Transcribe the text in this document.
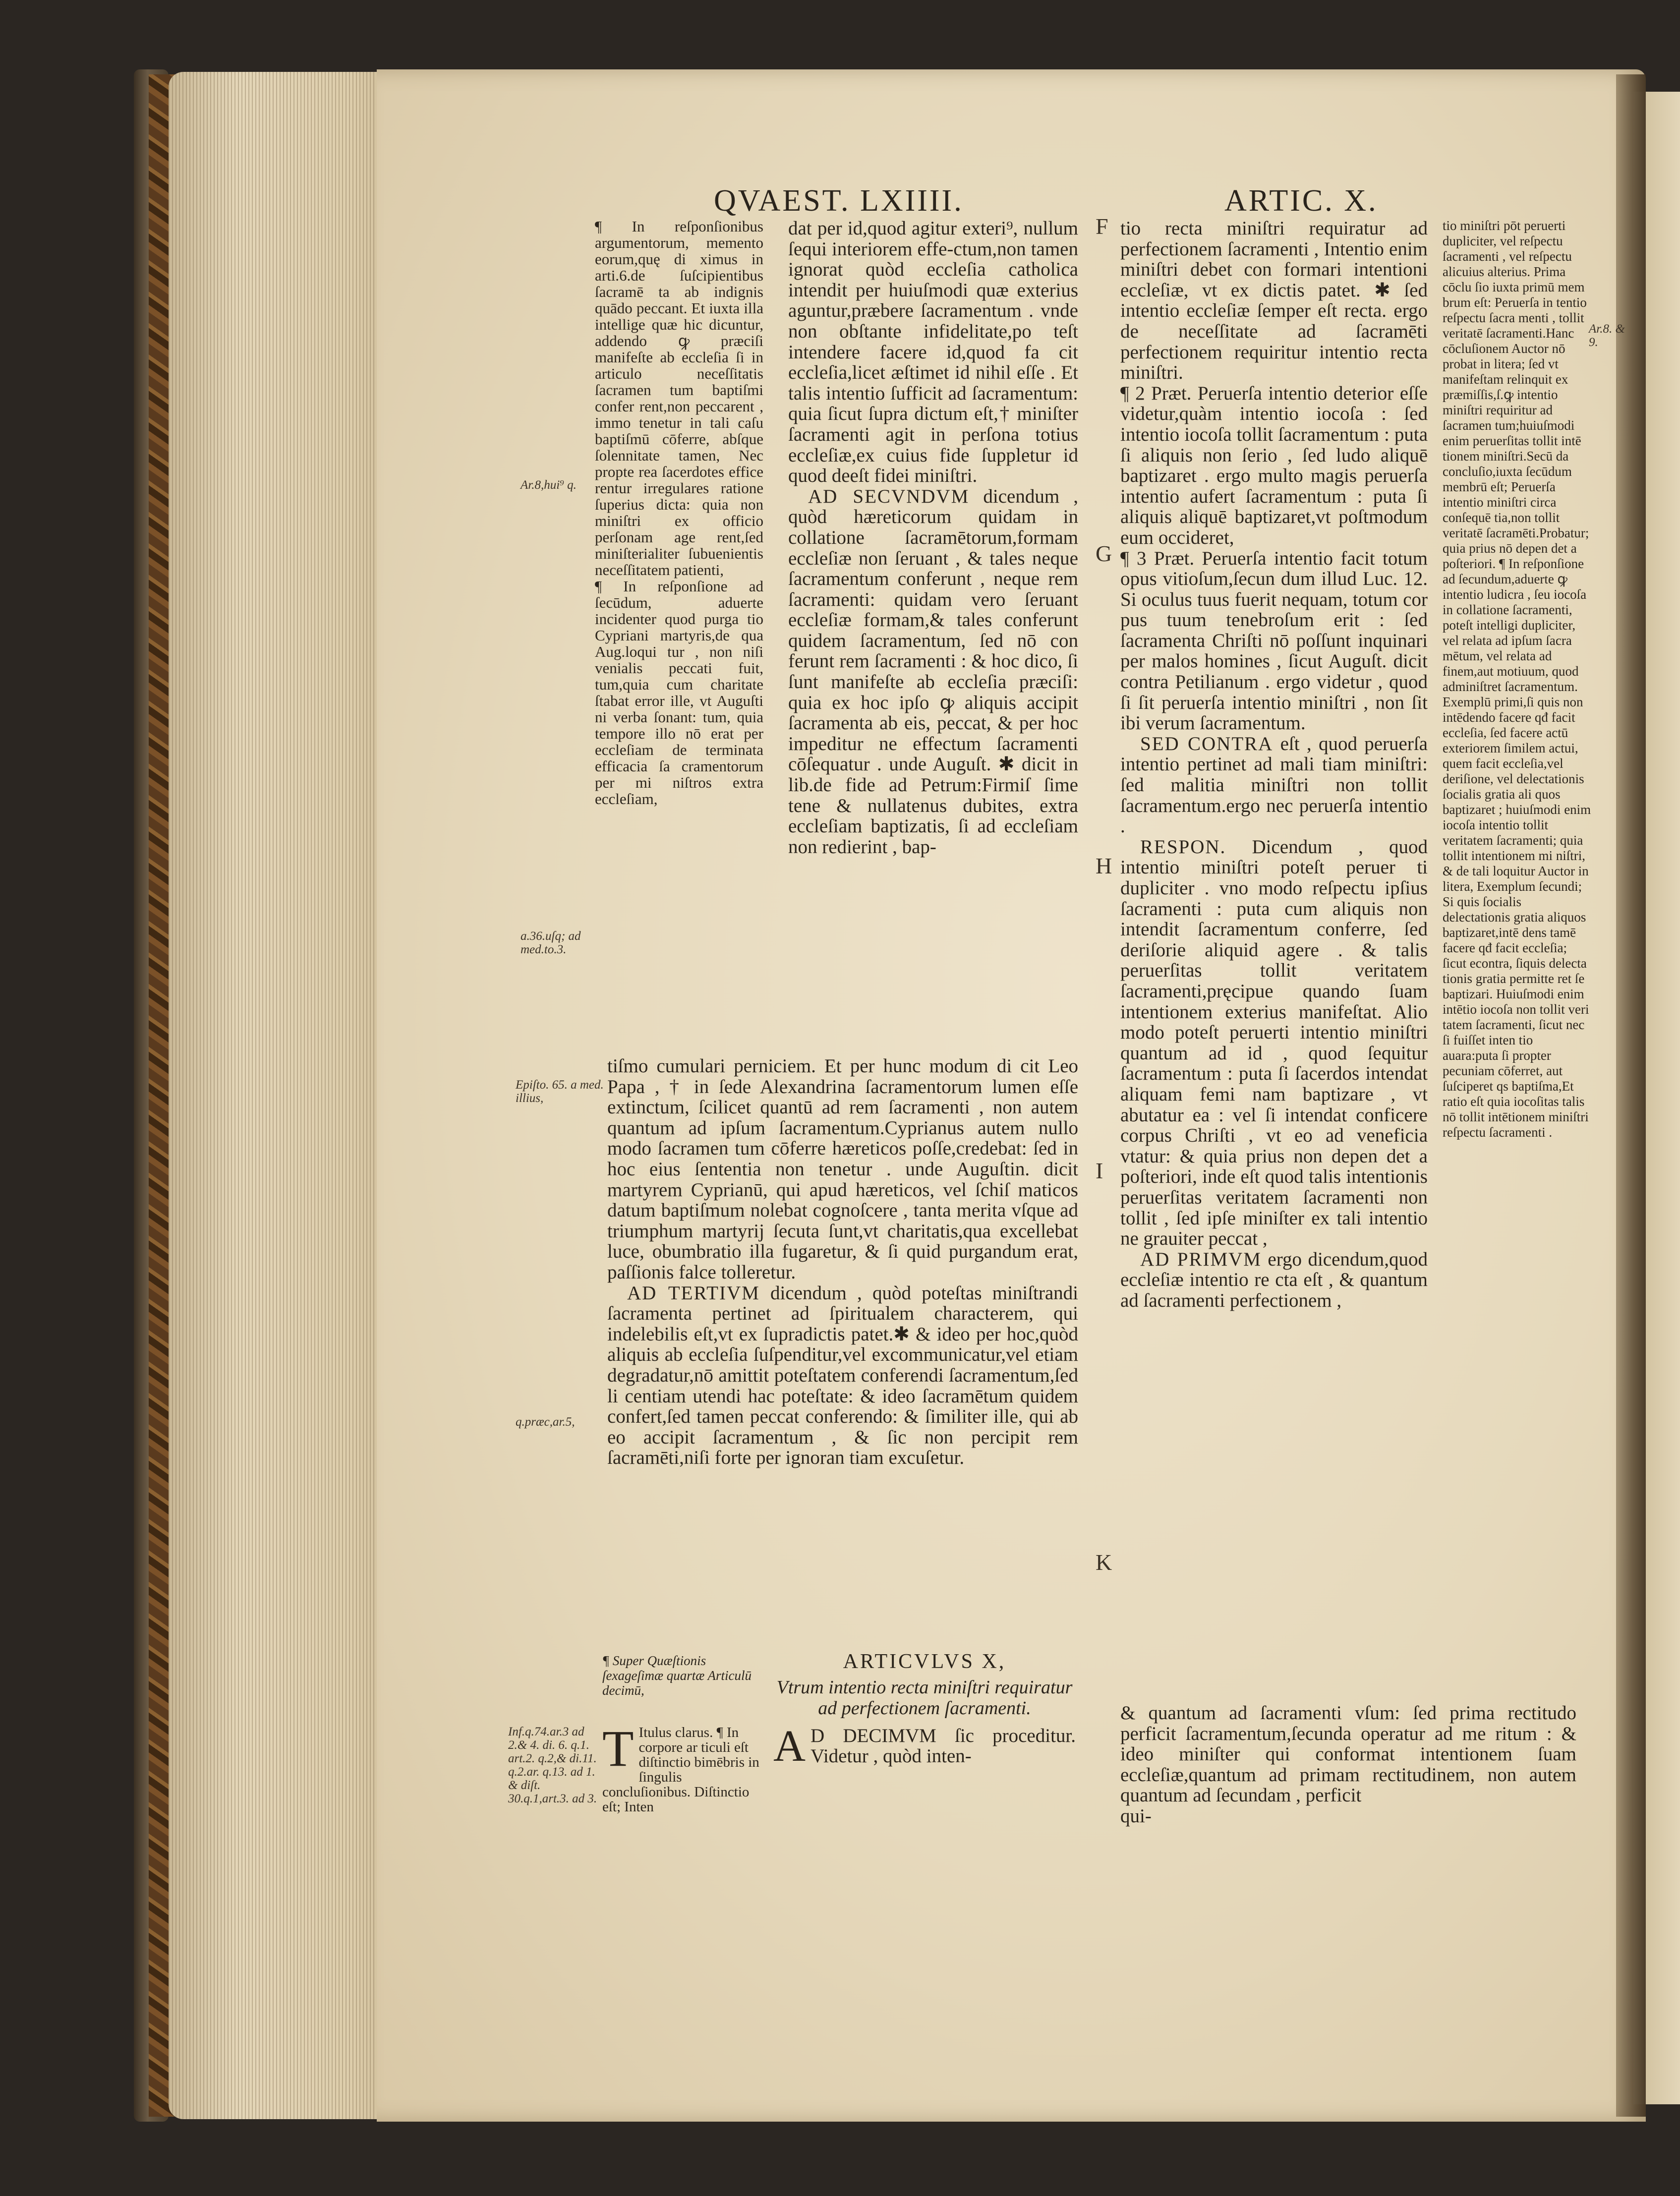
QVAEST. LXIIII.	ARTIC. X.

¶ In reſponſionibus argumentorum, memento eorum,quę di ximus in arti.6.de ſuſcipientibus ſacramē ta ab indignis quādo peccant. Et iuxta illa intellige quæ hic dicuntur, addendo ꝙ præciſi manifeſte ab eccleſia ſi in articulo neceſſitatis ſacramen tum baptiſmi confer rent,non peccarent , immo tenetur in tali caſu baptiſmū cōferre, abſque ſolennitate tamen, Nec propte rea ſacerdotes effice rentur irregulares ratione ſuperius dicta: quia non miniſtri ex officio perſonam age rent,ſed miniſterialiter ſubuenientis neceſſitatem patienti,

¶ In reſponſione ad ſecūdum, aduerte incidenter quod purga tio Cypriani martyris,de qua Aug.loqui tur , non niſi venialis peccati fuit, tum,quia cum charitate ſtabat error ille, vt Auguſti ni verba ſonant: tum, quia tempore illo nō erat per eccleſiam de terminata efficacia ſa cramentorum per mi niſtros extra eccleſiam,

dat per id,quod agitur exteri⁹, nullum ſequi interiorem effe-ctum,non tamen ignorat quòd eccleſia catholica intendit per huiuſmodi quæ exterius aguntur,præbere ſacramentum . vnde non obſtante infidelitate,po teſt intendere facere id,quod fa cit eccleſia,licet æſtimet id nihil eſſe . Et talis intentio ſufficit ad ſacramentum: quia ſicut ſupra dictum eſt,† miniſter ſacramenti agit in perſona totius eccleſiæ,ex cuius fide ſuppletur id quod deeſt fidei miniſtri.

AD SECVNDVM dicendum , quòd hæreticorum quidam in collatione ſacramētorum,formam eccleſiæ non ſeruant , & tales neque ſacramentum conferunt , neque rem ſacramenti: quidam vero ſeruant eccleſiæ formam,& tales conferunt quidem ſacramentum, ſed nō con ferunt rem ſacramenti : & hoc dico, ſi ſunt manifeſte ab eccleſia præciſi: quia ex hoc ipſo ꝙ aliquis accipit ſacramenta ab eis, peccat, & per hoc impeditur ne effectum ſacramenti cōſequatur . unde Auguſt. ✱ dicit in lib.de fide ad Petrum:Firmiſ ſime tene & nullatenus dubites, extra eccleſiam baptizatis, ſi ad eccleſiam non redierint , bap-

tiſmo cumulari perniciem. Et per hunc modum di cit Leo Papa , † in ſede Alexandrina ſacramentorum lumen eſſe extinctum, ſcilicet quantū ad rem ſacramenti , non autem quantum ad ipſum ſacramentum.Cyprianus autem nullo modo ſacramen tum cōferre hæreticos poſſe,credebat: ſed in hoc eius ſententia non tenetur . unde Auguſtin. dicit martyrem Cyprianū, qui apud hæreticos, vel ſchiſ maticos datum baptiſmum nolebat cognoſcere , tanta merita vſque ad triumphum martyrij ſecuta ſunt,vt charitatis,qua excellebat luce, obumbratio illa fugaretur, & ſi quid purgandum erat, paſſionis falce tolleretur.

AD TERTIVM dicendum , quòd poteſtas miniſtrandi ſacramenta pertinet ad ſpiritualem characterem, qui indelebilis eſt,vt ex ſupradictis patet.✱ & ideo per hoc,quòd aliquis ab eccleſia ſuſpenditur,vel excommunicatur,vel etiam degradatur,nō amittit poteſtatem conferendi ſacramentum,ſed li centiam utendi hac poteſtate: & ideo ſacramētum quidem confert,ſed tamen peccat conferendo: & ſimiliter ille, qui ab eo accipit ſacramentum , & ſic non percipit rem ſacramēti,niſi forte per ignoran tiam excuſetur.

¶ Super Quæſtionis ſexageſimæ quartæ Articulū decimū,
T Itulus clarus. ¶ In corpore ar ticuli eſt diſtinctio bimēbris in ſingulis concluſionibus. Diſtinctio eſt; Inten
ARTICVLVS X,
Vtrum intentio recta miniſtri requiratur ad perfectionem ſacramenti.

A D DECIMVM ſic proceditur. Videtur , quòd inten-

tio recta miniſtri requiratur ad perfectionem ſacramenti , Intentio enim miniſtri debet con formari intentioni eccleſiæ, vt ex dictis patet. ✱ ſed intentio eccleſiæ ſemper eſt recta. ergo de neceſſitate ad ſacramēti perfectionem requiritur intentio recta miniſtri.

¶ 2 Præt. Peruerſa intentio deterior eſſe videtur,quàm intentio iocoſa : ſed intentio iocoſa tollit ſacramentum : puta ſi aliquis non ſerio , ſed ludo aliquē baptizaret . ergo multo magis peruerſa intentio aufert ſacramentum : puta ſi aliquis aliquē baptizaret,vt poſtmodum eum occideret,

¶ 3 Præt. Peruerſa intentio facit totum opus vitioſum,ſecun dum illud Luc. 12. Si oculus tuus fuerit nequam, totum cor pus tuum tenebroſum erit : ſed ſacramenta Chriſti nō poſſunt inquinari per malos homines , ſicut Auguſt. dicit contra Petilianum . ergo videtur , quod ſi ſit peruerſa intentio miniſtri , non ſit ibi verum ſacramentum.

SED CONTRA eſt , quod peruerſa intentio pertinet ad mali tiam miniſtri: ſed malitia miniſtri non tollit ſacramentum.ergo nec peruerſa intentio .

RESPON. Dicendum , quod intentio miniſtri poteſt peruer ti dupliciter . vno modo reſpectu ipſius ſacramenti : puta cum aliquis non intendit ſacramentum conferre, ſed deriſorie aliquid agere . & talis peruerſitas tollit veritatem ſacramenti,pręcipue quando ſuam intentionem exterius manifeſtat. Alio modo poteſt peruerti intentio miniſtri quantum ad id , quod ſequitur ſacramentum : puta ſi ſacerdos intendat aliquam femi nam baptizare , vt abutatur ea : vel ſi intendat conficere corpus Chriſti , vt eo ad veneficia vtatur: & quia prius non depen det a poſteriori, inde eſt quod talis intentionis peruerſitas veritatem ſacramenti non tollit , ſed ipſe miniſter ex tali intentio ne grauiter peccat ,

AD PRIMVM ergo dicendum,quod eccleſiæ intentio re cta eſt , & quantum ad ſacramenti perfectionem ,

& quantum ad ſacramenti vſum: ſed prima rectitudo perficit ſacramentum,ſecunda operatur ad me ritum : & ideo miniſter qui conformat intentionem ſuam eccleſiæ,quantum ad primam rectitudinem, non autem quantum ad ſecundam , perficit

qui-

tio miniſtri pōt peruerti dupliciter, vel reſpectu ſacramenti , vel reſpectu alicuius alterius. Prima cōclu ſio iuxta primū mem brum eſt: Peruerſa in tentio reſpectu ſacra menti , tollit veritatē ſacramenti.Hanc cōcluſionem Auctor nō probat in litera; ſed vt manifeſtam relinquit ex præmiſſis,ſ.ꝙ intentio miniſtri requiritur ad ſacramen tum;huiuſmodi enim peruerſitas tollit intē tionem miniſtri.Secū da concluſio,iuxta ſecūdum membrū eſt; Peruerſa intentio miniſtri circa conſequē tia,non tollit veritatē ſacramēti.Probatur; quia prius nō depen det a poſteriori. ¶ In reſponſione ad ſecundum,aduerte ꝙ intentio ludicra , ſeu iocoſa in collatione ſacramenti, poteſt intelligi dupliciter, vel relata ad ipſum ſacra mētum, vel relata ad finem,aut motiuum, quod adminiſtret ſacramentum. Exemplū primi,ſi quis non intēdendo facere qđ facit eccleſia, ſed facere actū exteriorem ſimilem actui, quem facit eccleſia,vel deriſione, vel delectationis ſocialis gratia ali quos baptizaret ; huiuſmodi enim iocoſa intentio tollit veritatem ſacramenti; quia tollit intentionem mi niſtri, & de tali loquitur Auctor in litera, Exemplum ſecundi; Si quis ſocialis delectationis gratia aliquos baptizaret,intē dens tamē facere qđ facit eccleſia; ſicut econtra, ſiquis delecta tionis gratia permitte ret ſe baptizari. Huiuſmodi enim intētio iocoſa non tollit veri tatem ſacramenti, ſicut nec ſi fuiſſet inten tio auara:puta ſi propter pecuniam cōferret, aut ſuſciperet qs baptiſma,Et ratio eſt quia iocoſitas talis nō tollit intētionem miniſtri reſpectu ſacramenti .
Ar.8,hui⁹ q.
a.36.uſq; ad med.to.3.
Epiſto. 65. a med. illius,
q.præc,ar.5,
Inf.q.74.ar.3 ad 2.& 4. di. 6. q.1. art.2. q.2,& di.11. q.2.ar. q.13. ad 1. & diſt. 30.q.1,art.3. ad 3.
Ar.8. & 9.
F
G
H
I
K
